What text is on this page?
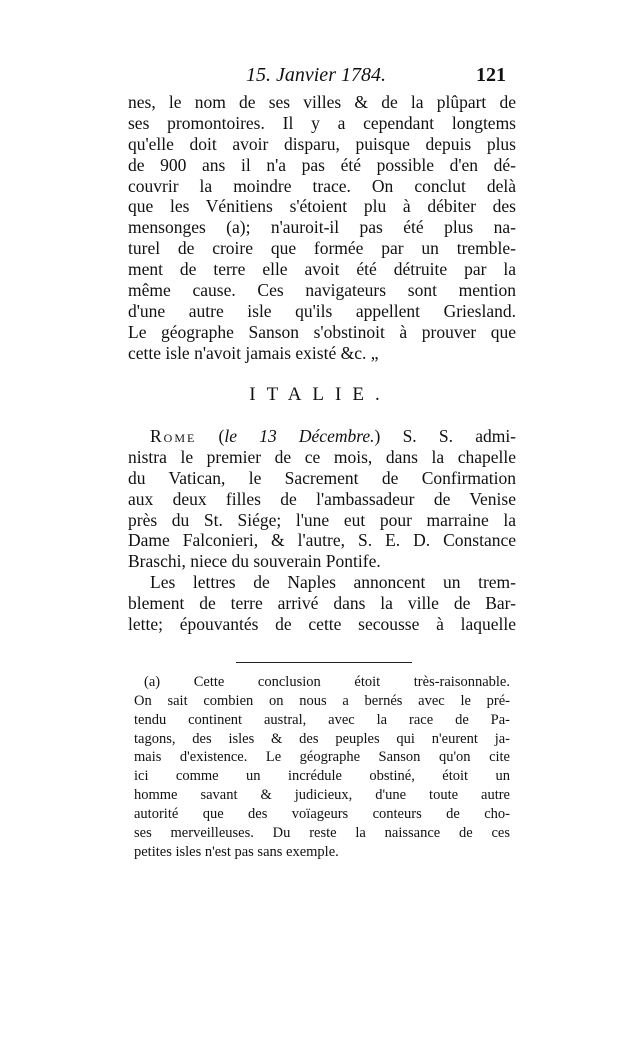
15. Janvier 1784.	121
nes, le nom de ses villes & de la plûpart de
ses promontoires. Il y a cependant longtems
qu'elle doit avoir disparu, puisque depuis plus
de 900 ans il n'a pas été possible d'en dé-
couvrir la moindre trace. On conclut delà
que les Vénitiens s'étoient plu à débiter des
mensonges (a); n'auroit-il pas été plus na-
turel de croire que formée par un tremble-
ment de terre elle avoit été détruite par la
même cause. Ces navigateurs sont mention
d'une autre isle qu'ils appellent Griesland.
Le géographe Sanson s'obstinoit à prouver que
cette isle n'avoit jamais existé &c. „
ITALIE.
Rome (le 13 Décembre.) S. S. admi-
nistra le premier de ce mois, dans la chapelle
du Vatican, le Sacrement de Confirmation
aux deux filles de l'ambassadeur de Venise
près du St. Siége; l'une eut pour marraine la
Dame Falconieri, & l'autre, S. E. D. Constance
Braschi, niece du souverain Pontife.
Les lettres de Naples annoncent un trem-
blement de terre arrivé dans la ville de Bar-
lette; épouvantés de cette secousse à laquelle
(a) Cette conclusion étoit très-raisonnable.
On sait combien on nous a bernés avec le pré-
tendu continent austral, avec la race de Pa-
tagons, des isles & des peuples qui n'eurent ja-
mais d'existence. Le géographe Sanson qu'on cite
ici comme un incrédule obstiné, étoit un
homme savant & judicieux, d'une toute autre
autorité que des voïageurs conteurs de cho-
ses merveilleuses. Du reste la naissance de ces
petites isles n'est pas sans exemple.
